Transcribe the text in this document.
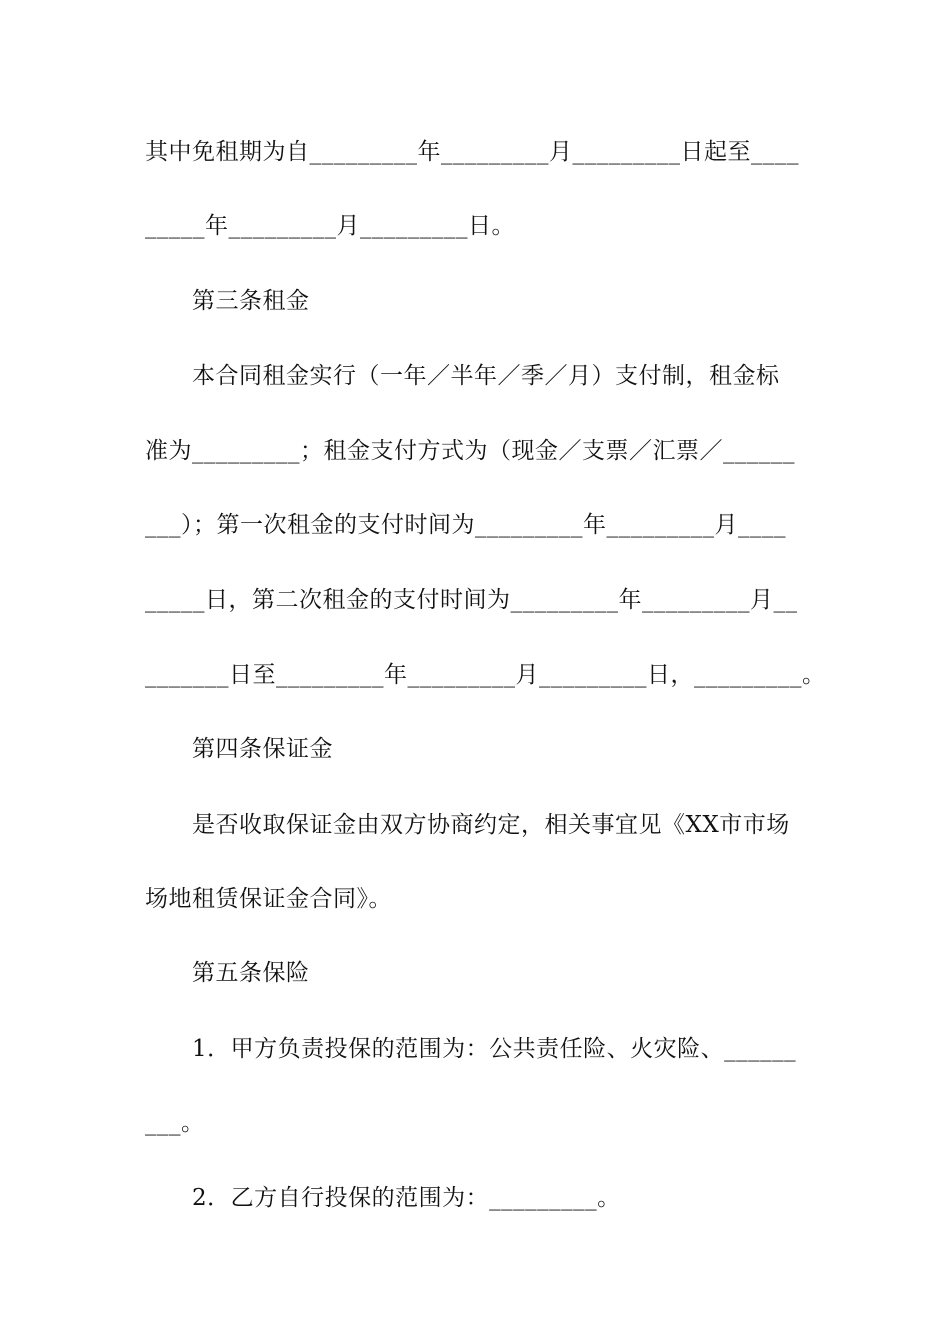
其中免租期为自_________年_________月_________日起至____
_____年_________月_________日。
第三条租金
本合同租金实行（一年／半年／季／月）支付制，租金标
准为_________；租金支付方式为（现金／支票／汇票／______
___）；第一次租金的支付时间为_________年_________月____
_____日，第二次租金的支付时间为_________年_________月__
_______日至_________年_________月_________日，_________。
第四条保证金
是否收取保证金由双方协商约定，相关事宜见《XX市市场
场地租赁保证金合同》。
第五条保险
1．甲方负责投保的范围为：公共责任险、火灾险、______
___。
2．乙方自行投保的范围为：_________。
